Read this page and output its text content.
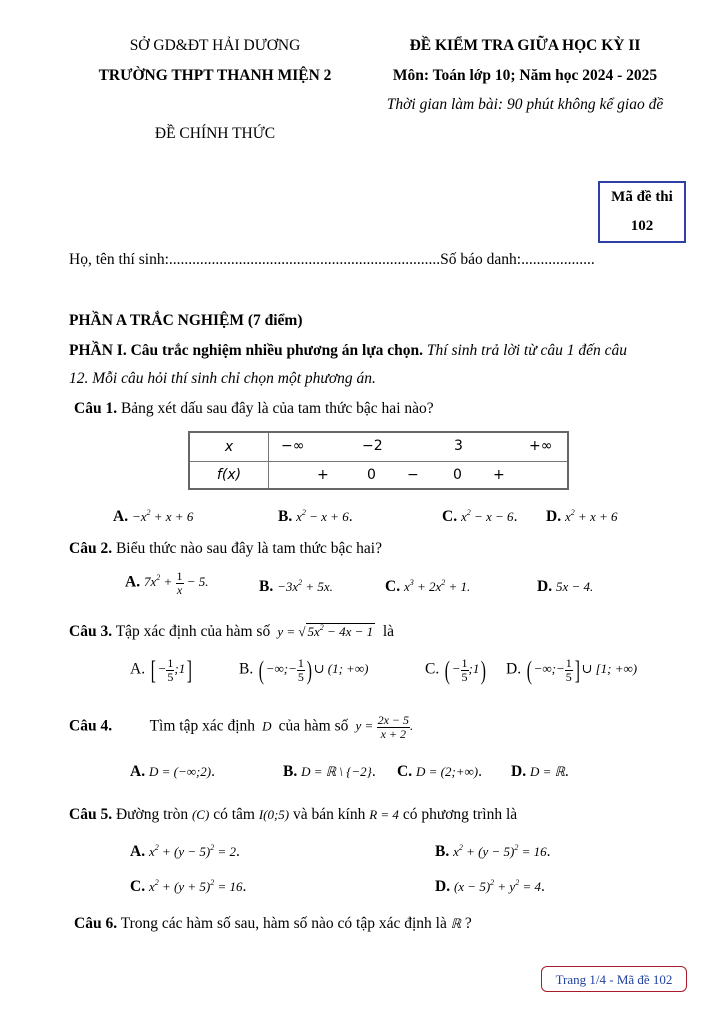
SỞ GD&ĐT HẢI DƯƠNG
TRƯỜNG THPT THANH MIỆN 2
ĐỀ CHÍNH THỨC
ĐỀ KIỂM TRA GIỮA HỌC KỲ II
Môn: Toán lớp 10; Năm học 2024 - 2025
Thời gian làm bài: 90 phút không kể giao đề
Mã đề thi
102
Họ, tên thí sinh:......................................................................Số báo danh:...................
PHẦN A TRẮC NGHIỆM (7 điểm)
PHẦN I. Câu trắc nghiệm nhiều phương án lựa chọn. Thí sinh trả lời từ câu 1 đến câu
12. Mỗi câu hỏi thí sinh chỉ chọn một phương án.
Câu 1. Bảng xét dấu sau đây là của tam thức bậc hai nào?
x	−∞ −2 3 +∞

f(x)	+ 0 − 0 +
A. $-x^2 + x + 6$	B. $x^2 - x + 6$.	C. $x^2 - x - 6$. D. $x^2 + x + 6$
Câu 2. Biểu thức nào sau đây là tam thức bậc hai?
A. $7x^2 + \frac{1}{x} - 5$.	B. $-3x^2 + 5x$.	C. $x^3 + 2x^2 + 1$.	D. 5x − 4.
Câu 3. Tập xác định của hàm số  y = √ $5x^2 - 4x - 1$ là
A. [ − $\frac{1}{5}$ ;1]	B. ( −∞;− $\frac{1}{5}$ ) ∪ (1; +∞)	C. ( − $\frac{1}{5}$ ;1) D. ( −∞;− $\frac{1}{5}$ ] ∪ [1; +∞)
Câu 4. Tìm tập xác định  D  của hàm số  $y = \frac{2x - 5}{x + 2}$ .
A. D = (−∞;2).	B. D = ℝ \ {−2}. C. D = (2;+∞). D. D = ℝ.
Câu 5. Đường tròn (C) có tâm I(0;5) và bán kính R = 4 có phương trình là
A. $x^2 + (y - 5)^2 = 2$.	B. $x^2 + (y - 5)^2 = 16$.
C. $x^2 + (y + 5)^2 = 16$.	D. $(x - 5)^2 + y^2 = 4$.
Câu 6. Trong các hàm số sau, hàm số nào có tập xác định là ℝ ?
Trang 1/4 - Mã đề 102
